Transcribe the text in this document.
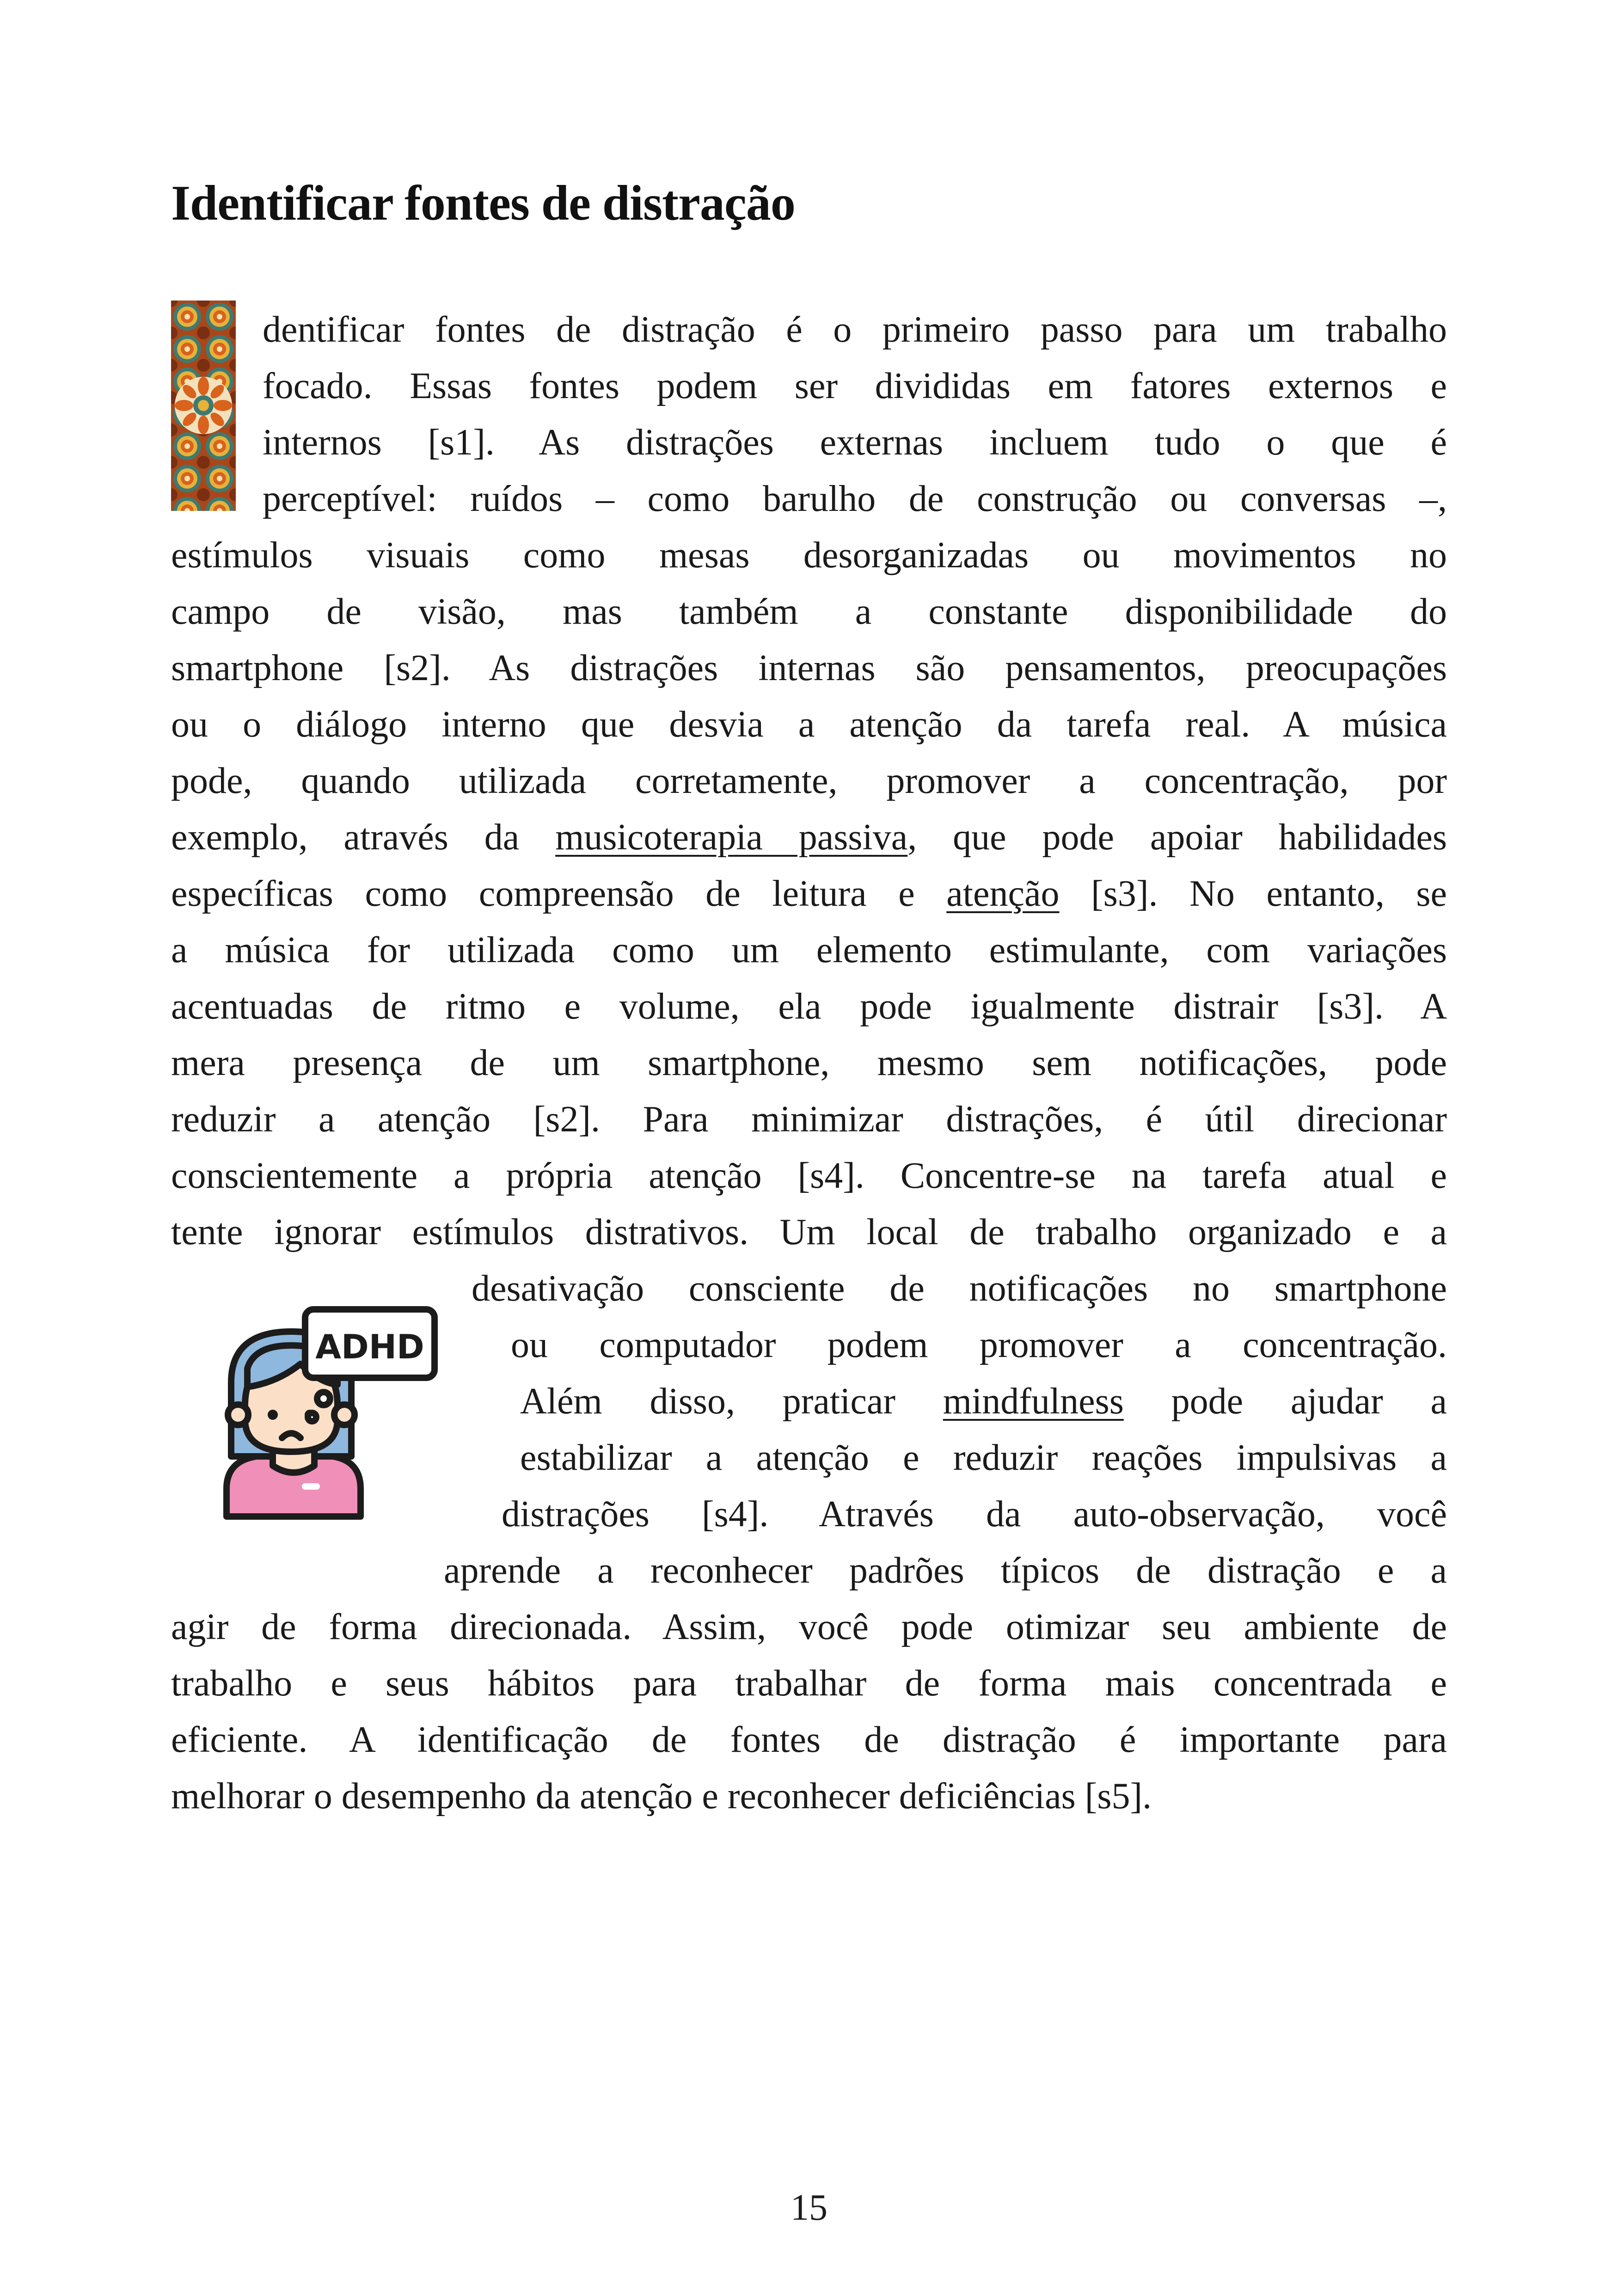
Identificar fontes de distração
ADHD
dentificar fontes de distração é o primeiro passo para um trabalho
focado. Essas fontes podem ser divididas em fatores externos e
internos [s1]. As distrações externas incluem tudo o que é
perceptível: ruídos – como barulho de construção ou conversas –,
estímulos visuais como mesas desorganizadas ou movimentos no
campo de visão, mas também a constante disponibilidade do
smartphone [s2]. As distrações internas são pensamentos, preocupações
ou o diálogo interno que desvia a atenção da tarefa real. A música
pode, quando utilizada corretamente, promover a concentração, por
exemplo, através da musicoterapia passiva, que pode apoiar habilidades
específicas como compreensão de leitura e atenção [s3]. No entanto, se
a música for utilizada como um elemento estimulante, com variações
acentuadas de ritmo e volume, ela pode igualmente distrair [s3]. A
mera presença de um smartphone, mesmo sem notificações, pode
reduzir a atenção [s2]. Para minimizar distrações, é útil direcionar
conscientemente a própria atenção [s4]. Concentre-se na tarefa atual e
tente ignorar estímulos distrativos. Um local de trabalho organizado e a
desativação consciente de notificações no smartphone
ou computador podem promover a concentração.
Além disso, praticar mindfulness pode ajudar a
estabilizar a atenção e reduzir reações impulsivas a
distrações [s4]. Através da auto-observação, você
aprende a reconhecer padrões típicos de distração e a
agir de forma direcionada. Assim, você pode otimizar seu ambiente de
trabalho e seus hábitos para trabalhar de forma mais concentrada e
eficiente. A identificação de fontes de distração é importante para
melhorar o desempenho da atenção e reconhecer deficiências [s5].
15
